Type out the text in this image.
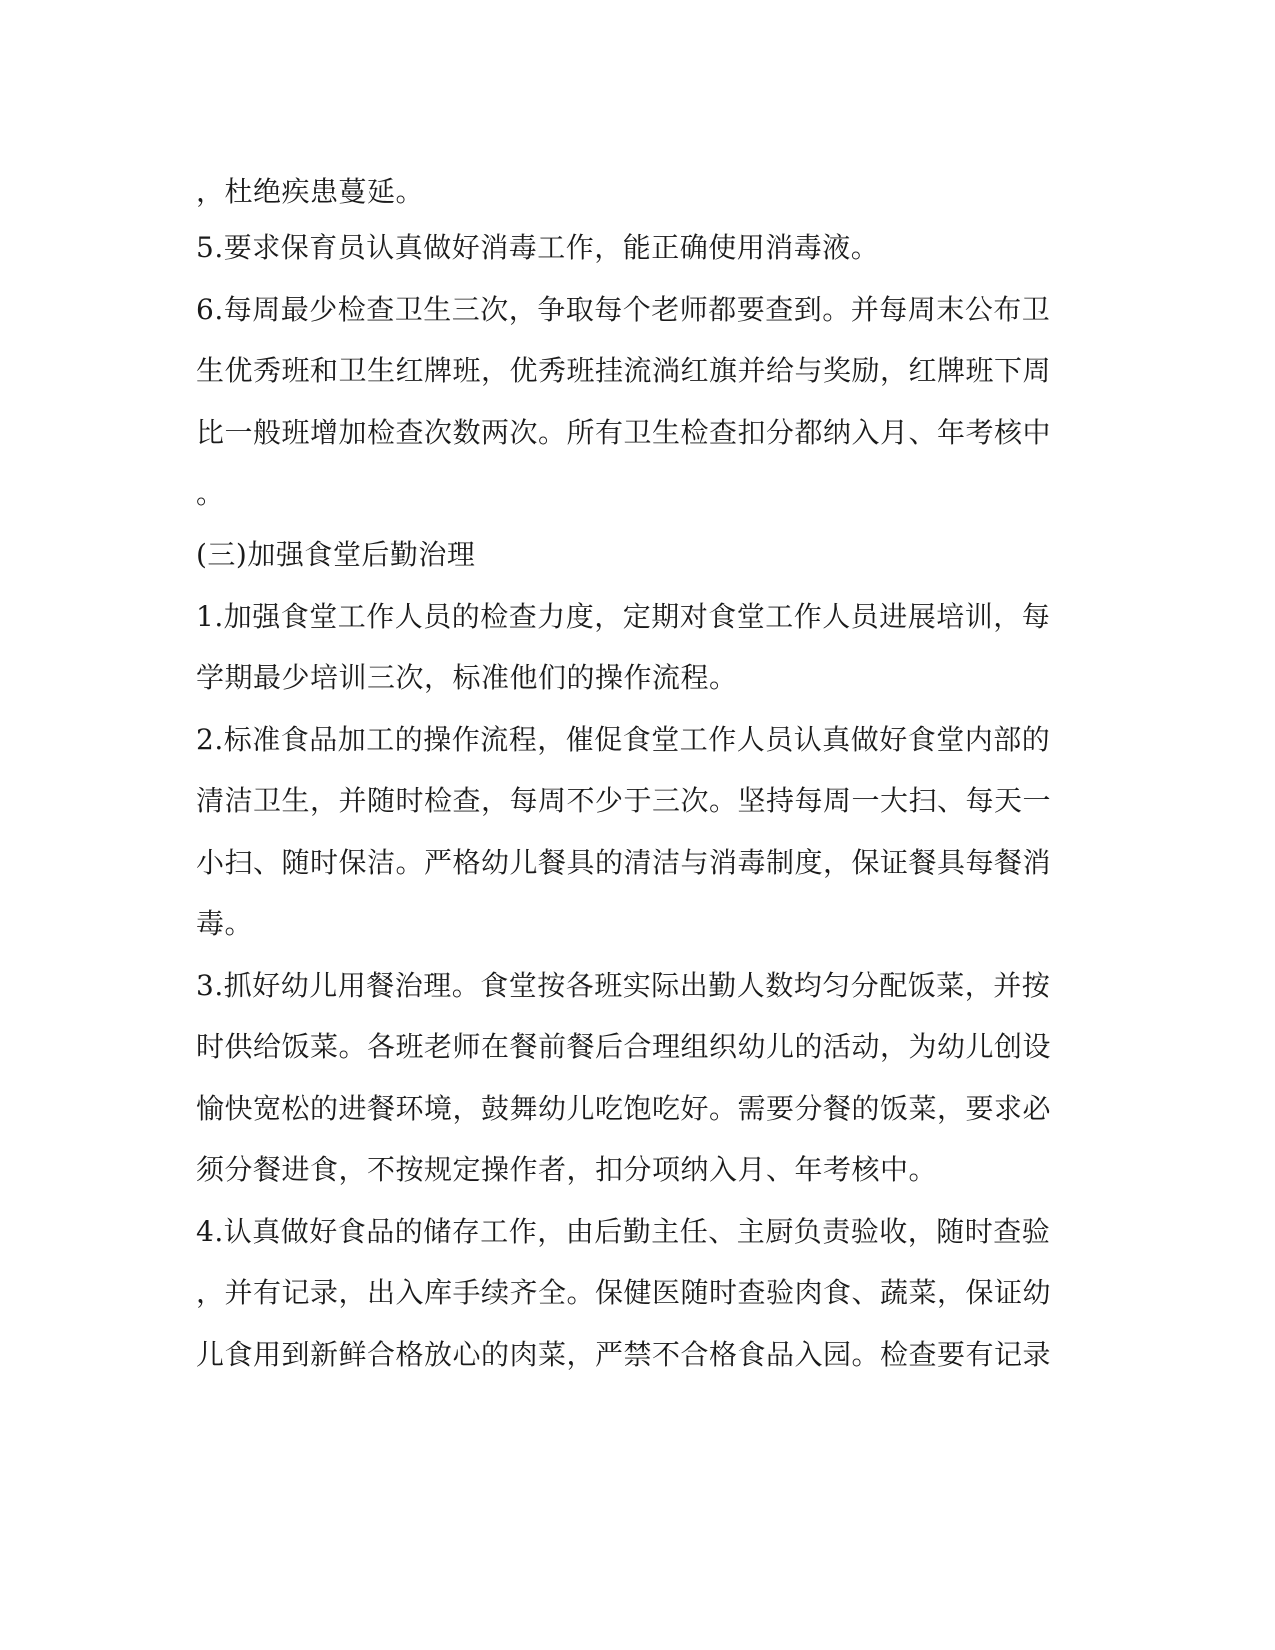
，杜绝疾患蔓延。
5.要求保育员认真做好消毒工作，能正确使用消毒液。
6.每周最少检查卫生三次，争取每个老师都要查到。并每周末公布卫
生优秀班和卫生红牌班，优秀班挂流淌红旗并给与奖励，红牌班下周
比一般班增加检查次数两次。所有卫生检查扣分都纳入月、年考核中
。
(三)加强食堂后勤治理
1.加强食堂工作人员的检查力度，定期对食堂工作人员进展培训，每
学期最少培训三次，标准他们的操作流程。
2.标准食品加工的操作流程，催促食堂工作人员认真做好食堂内部的
清洁卫生，并随时检查，每周不少于三次。坚持每周一大扫、每天一
小扫、随时保洁。严格幼儿餐具的清洁与消毒制度，保证餐具每餐消
毒。
3.抓好幼儿用餐治理。食堂按各班实际出勤人数均匀分配饭菜，并按
时供给饭菜。各班老师在餐前餐后合理组织幼儿的活动，为幼儿创设
愉快宽松的进餐环境，鼓舞幼儿吃饱吃好。需要分餐的饭菜，要求必
须分餐进食，不按规定操作者，扣分项纳入月、年考核中。
4.认真做好食品的储存工作，由后勤主任、主厨负责验收，随时查验
，并有记录，出入库手续齐全。保健医随时查验肉食、蔬菜，保证幼
儿食用到新鲜合格放心的肉菜，严禁不合格食品入园。检查要有记录
